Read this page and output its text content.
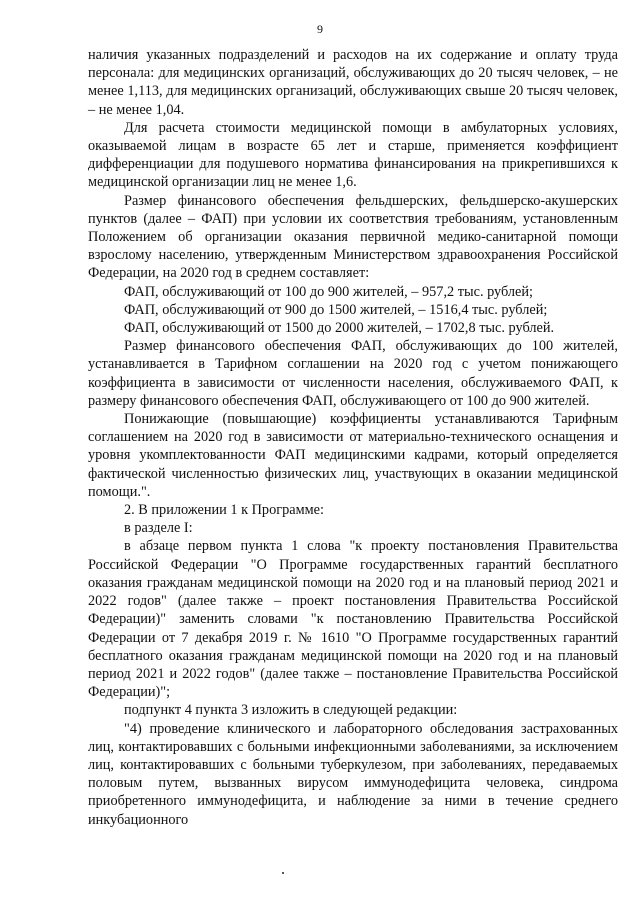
9

наличия указанных подразделений и расходов на их содержание и оплату труда персонала: для медицинских организаций, обслуживающих до 20 тысяч человек, – не менее 1,113, для медицинских организаций, обслуживающих свыше 20 тысяч человек, – не менее 1,04.

Для расчета стоимости медицинской помощи в амбулаторных условиях, оказываемой лицам в возрасте 65 лет и старше, применяется коэффициент дифференциации для подушевого норматива финансирования на прикрепившихся к медицинской организации лиц не менее 1,6.

Размер финансового обеспечения фельдшерских, фельдшерско-акушерских пунктов (далее – ФАП) при условии их соответствия требованиям, установленным Положением об организации оказания первичной медико-санитарной помощи взрослому населению, утвержденным Министерством здравоохранения Российской Федерации, на 2020 год в среднем составляет:

ФАП, обслуживающий от 100 до 900 жителей, – 957,2 тыс. рублей;

ФАП, обслуживающий от 900 до 1500 жителей, – 1516,4 тыс. рублей;

ФАП, обслуживающий от 1500 до 2000 жителей, – 1702,8 тыс. рублей.

Размер финансового обеспечения ФАП, обслуживающих до 100 жителей, устанавливается в Тарифном соглашении на 2020 год с учетом понижающего коэффициента в зависимости от численности населения, обслуживаемого ФАП, к размеру финансового обеспечения ФАП, обслуживающего от 100 до 900 жителей.

Понижающие (повышающие) коэффициенты устанавливаются Тарифным соглашением на 2020 год в зависимости от материально-технического оснащения и уровня укомплектованности ФАП медицинскими кадрами, который определяется фактической численностью физических лиц, участвующих в оказании медицинской помощи.".

2. В приложении 1 к Программе:

в разделе I:

в абзаце первом пункта 1 слова "к проекту постановления Правительства Российской Федерации "О Программе государственных гарантий бесплатного оказания гражданам медицинской помощи на 2020 год и на плановый период 2021 и 2022 годов" (далее также – проект постановления Правительства Российской Федерации)" заменить словами "к постановлению Правительства Российской Федерации от 7 декабря 2019 г. № 1610 "О Программе государственных гарантий бесплатного оказания гражданам медицинской помощи на 2020 год и на плановый период 2021 и 2022 годов" (далее также – постановление Правительства Российской Федерации)";

подпункт 4 пункта 3 изложить в следующей редакции:

"4) проведение клинического и лабораторного обследования застрахованных лиц, контактировавших с больными инфекционными заболеваниями, за исключением лиц, контактировавших с больными туберкулезом, при заболеваниях, передаваемых половым путем, вызванных вирусом иммунодефицита человека, синдрома приобретенного иммунодефицита, и наблюдение за ними в течение среднего инкубационного
